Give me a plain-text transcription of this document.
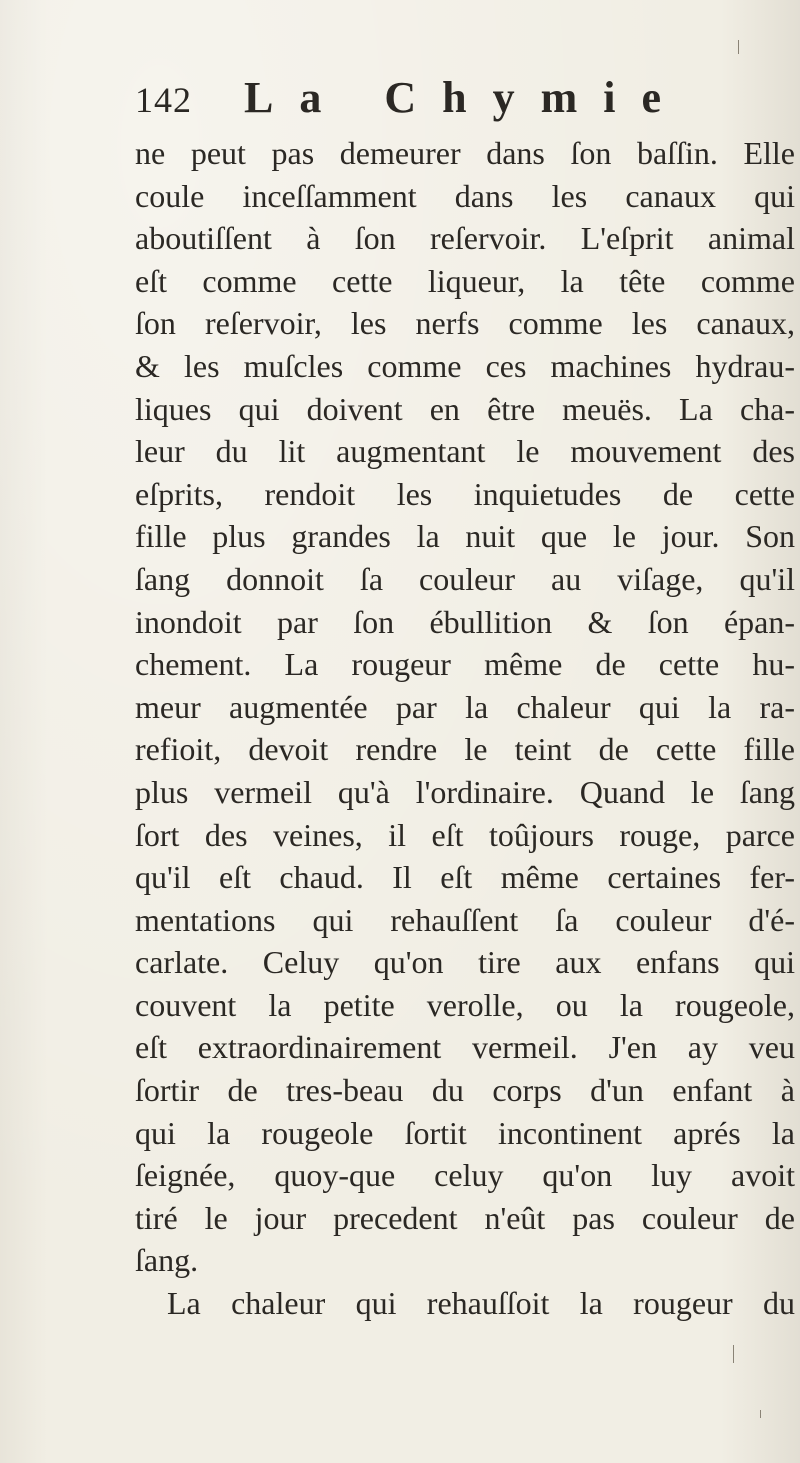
142 La Chymie
ne peut pas demeurer dans ſon baſſin. Elle
coule inceſſamment dans les canaux qui
aboutiſſent à ſon reſervoir. L'eſprit animal
eſt comme cette liqueur, la tête comme
ſon reſervoir, les nerfs comme les canaux,
& les muſcles comme ces machines hydrau-
liques qui doivent en être meuës. La cha-
leur du lit augmentant le mouvement des
eſprits, rendoit les inquietudes de cette
fille plus grandes la nuit que le jour. Son
ſang donnoit ſa couleur au viſage, qu'il
inondoit par ſon ébullition & ſon épan-
chement. La rougeur même de cette hu-
meur augmentée par la chaleur qui la ra-
refioit, devoit rendre le teint de cette fille
plus vermeil qu'à l'ordinaire. Quand le ſang
ſort des veines, il eſt toûjours rouge, parce
qu'il eſt chaud. Il eſt même certaines fer-
mentations qui rehauſſent ſa couleur d'é-
carlate. Celuy qu'on tire aux enfans qui
couvent la petite verolle, ou la rougeole,
eſt extraordinairement vermeil. J'en ay veu
ſortir de tres-beau du corps d'un enfant à
qui la rougeole ſortit incontinent aprés la
ſeignée, quoy-que celuy qu'on luy avoit
tiré le jour precedent n'eût pas couleur de
ſang.
La chaleur qui rehauſſoit la rougeur du
